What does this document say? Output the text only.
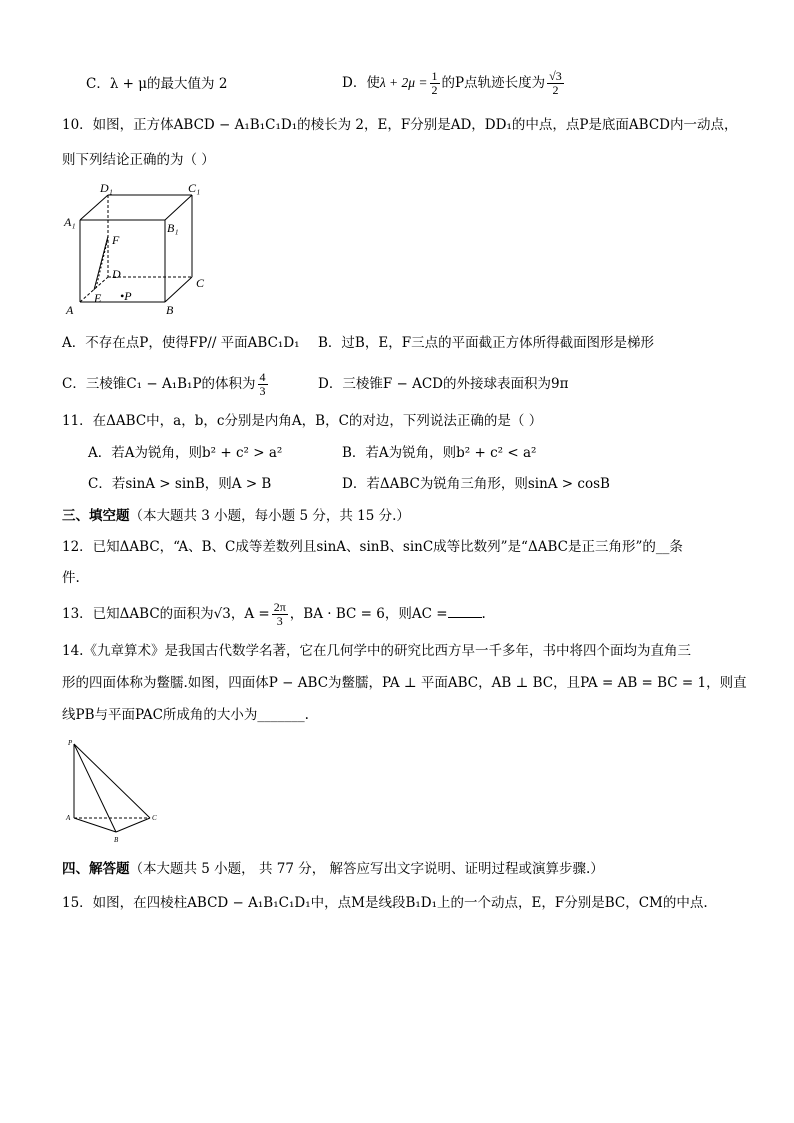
C．λ + μ的最大值为 2	D．使$\lambda + 2\mu = \frac{1}{2}$ 的P点轨迹长度为 $\frac{√3}{2}$
10．如图，正方体ABCD − A₁B₁C₁D₁的棱长为 2，E，F分别是AD，DD₁的中点，点P是底面ABCD内一动点，
则下列结论正确的为（ ）
D₁	C₁
A₁	B₁
F
D
C
A
E •P
B
A．不存在点P，使得FP// 平面ABC₁D₁ B．过B，E，F三点的平面截正方体所得截面图形是梯形
C．三棱锥C₁ − A₁B₁P的体积为 $\frac{4}{3}$	D．三棱锥F − ACD的外接球表面积为9π
11．在ΔABC中，a，b，c分别是内角A，B，C的对边，下列说法正确的是（ ）
A．若A为锐角，则b² + c² > a²	B．若A为锐角，则b² + c² < a²
C．若sinA > sinB，则A > B	D．若ΔABC为锐角三角形，则sinA > cosB
三、填空题（本大题共 3 小题，每小题 5 分，共 15 分.）
12．已知ΔABC，“A、B、C成等差数列且sinA、sinB、sinC成等比数列”是“ΔABC是正三角形”的__条
件.
13．已知ΔABC的面积为√3，$A = \frac{2\pi}{3}$ ，BA · BC = 6，则AC =	.
14.《九章算术》是我国古代数学名著，它在几何学中的研究比西方早一千多年，书中将四个面均为直角三
形的四面体称为鳖臑.如图，四面体P − ABC为鳖臑，PA ⊥ 平面ABC，AB ⊥ BC，且PA = AB = BC = 1，则直
线PB与平面PAC所成角的大小为_______.
P
A
B
C
四、解答题（本大题共 5 小题， 共 77 分， 解答应写出文字说明、证明过程或演算步骤.）
15．如图，在四棱柱ABCD − A₁B₁C₁D₁中，点M是线段B₁D₁上的一个动点，E，F分别是BC，CM的中点.
